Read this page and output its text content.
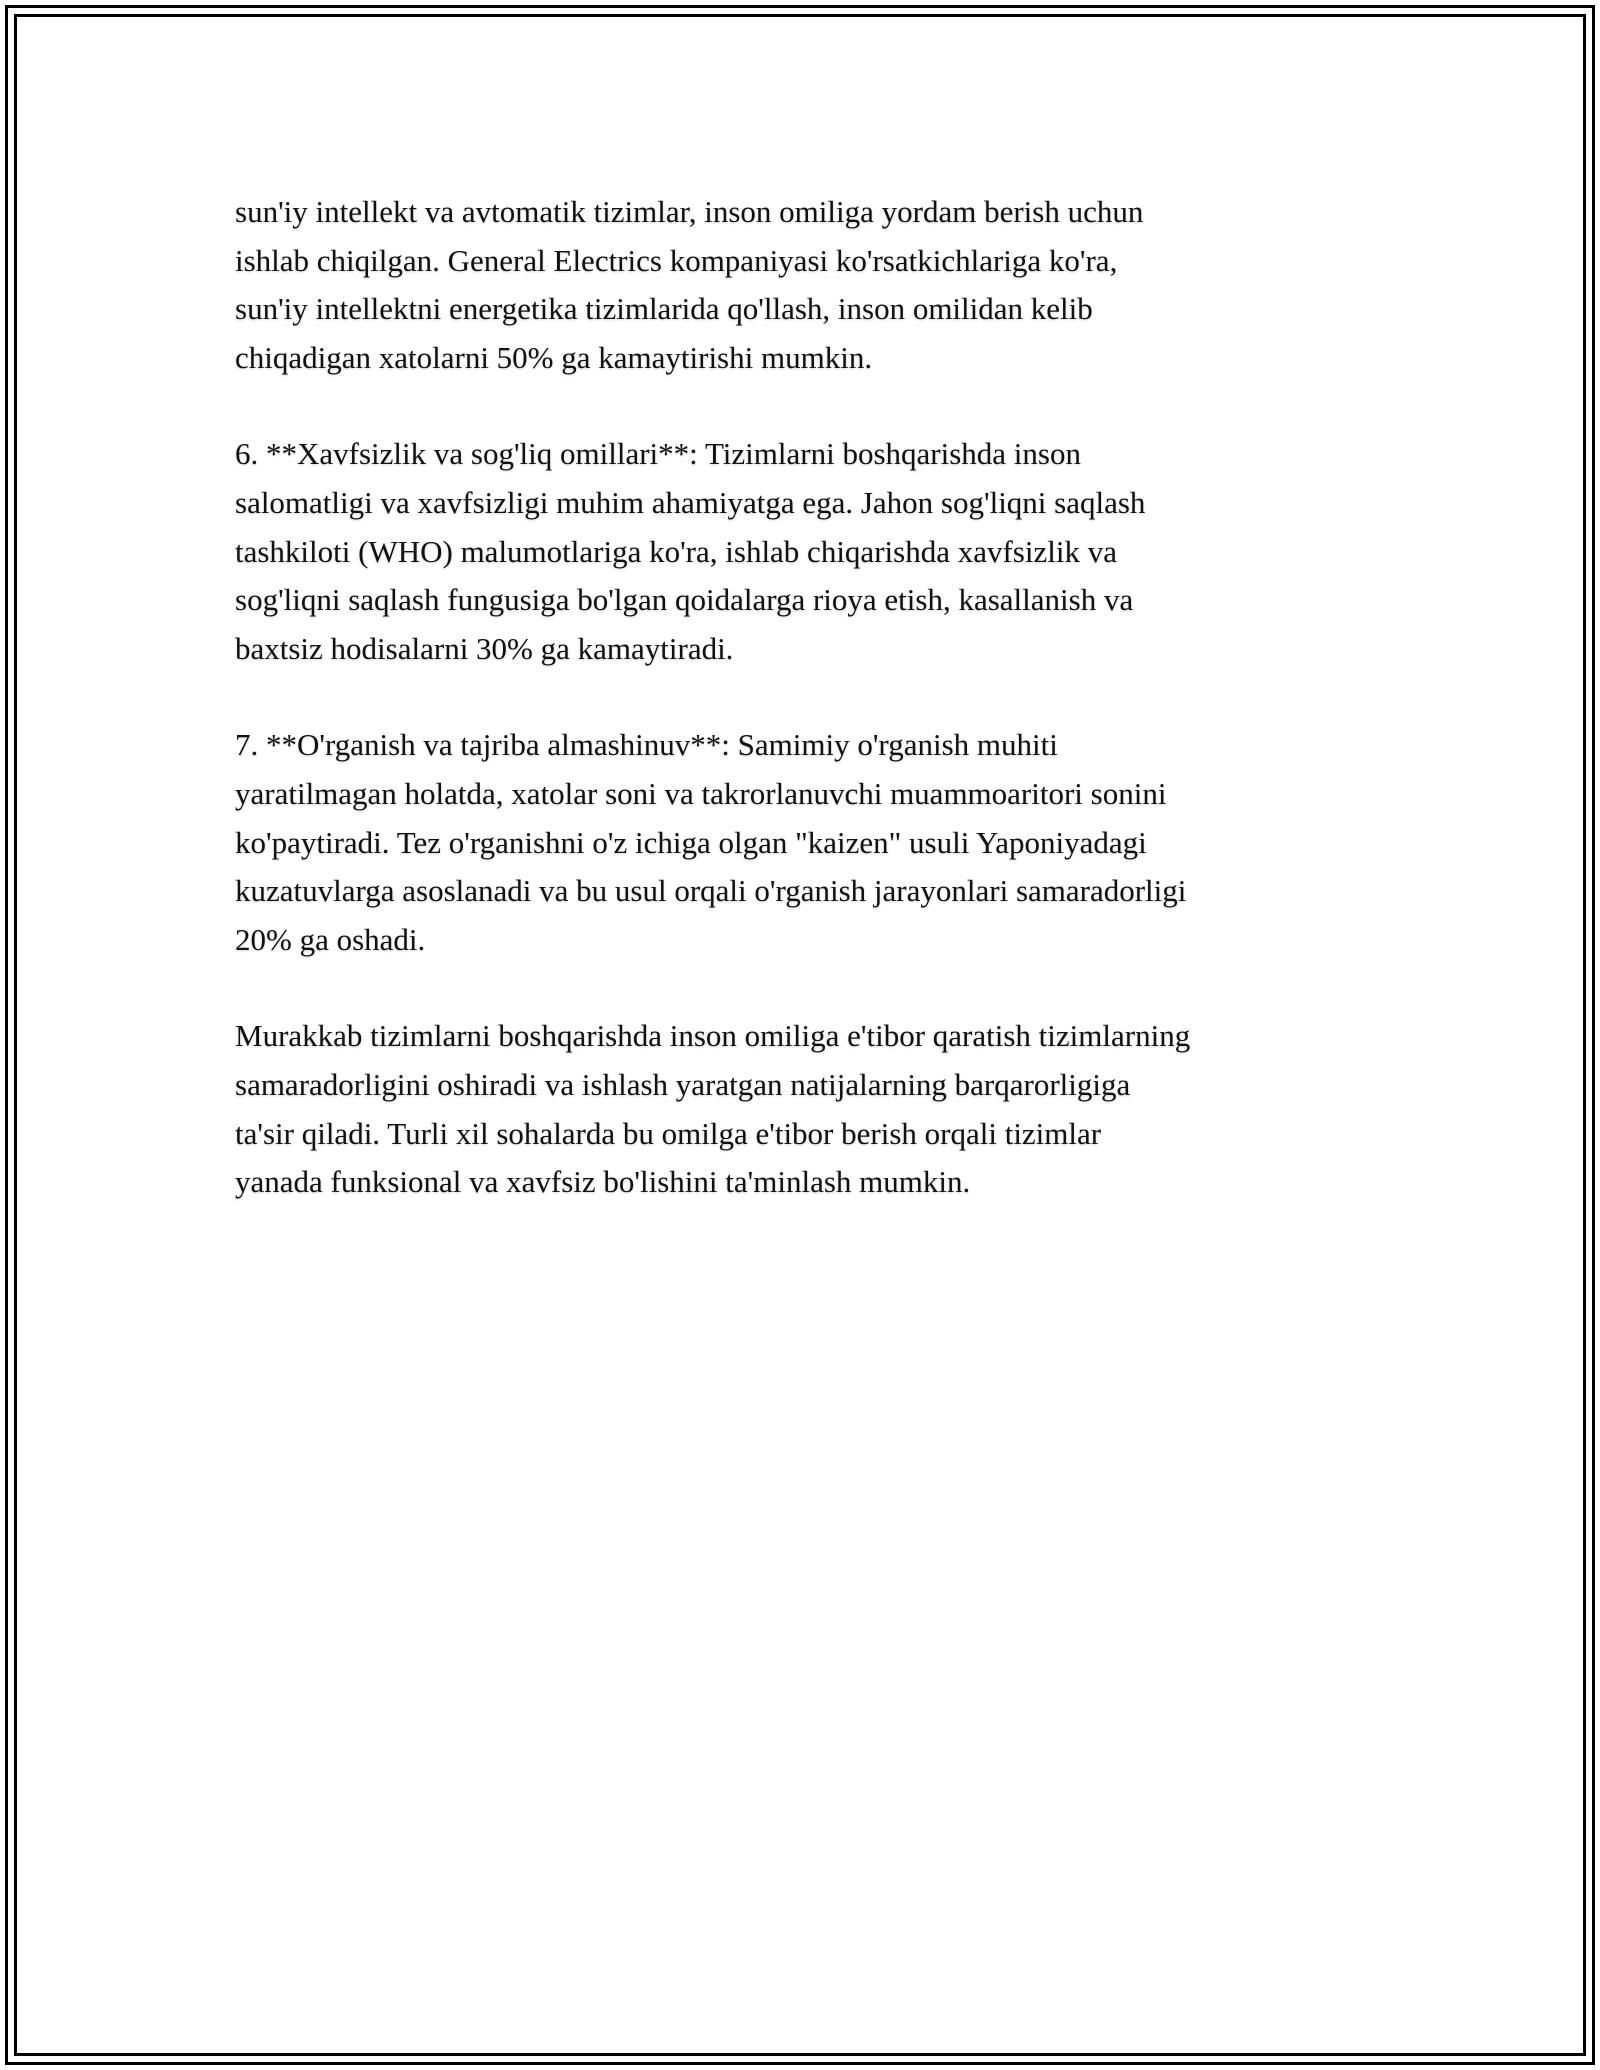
sun'iy intellekt va avtomatik tizimlar, inson omiliga yordam berish uchun
ishlab chiqilgan. General Electrics kompaniyasi ko'rsatkichlariga ko'ra,
sun'iy intellektni energetika tizimlarida qo'llash, inson omilidan kelib
chiqadigan xatolarni 50% ga kamaytirishi mumkin.
6. **Xavfsizlik va sog'liq omillari**: Tizimlarni boshqarishda inson
salomatligi va xavfsizligi muhim ahamiyatga ega. Jahon sog'liqni saqlash
tashkiloti (WHO) malumotlariga ko'ra, ishlab chiqarishda xavfsizlik va
sog'liqni saqlash fungusiga bo'lgan qoidalarga rioya etish, kasallanish va
baxtsiz hodisalarni 30% ga kamaytiradi.
7. **O'rganish va tajriba almashinuv**: Samimiy o'rganish muhiti
yaratilmagan holatda, xatolar soni va takrorlanuvchi muammoaritori sonini
ko'paytiradi. Tez o'rganishni o'z ichiga olgan "kaizen" usuli Yaponiyadagi
kuzatuvlarga asoslanadi va bu usul orqali o'rganish jarayonlari samaradorligi
20% ga oshadi.
Murakkab tizimlarni boshqarishda inson omiliga e'tibor qaratish tizimlarning
samaradorligini oshiradi va ishlash yaratgan natijalarning barqarorligiga
ta'sir qiladi. Turli xil sohalarda bu omilga e'tibor berish orqali tizimlar
yanada funksional va xavfsiz bo'lishini ta'minlash mumkin.
